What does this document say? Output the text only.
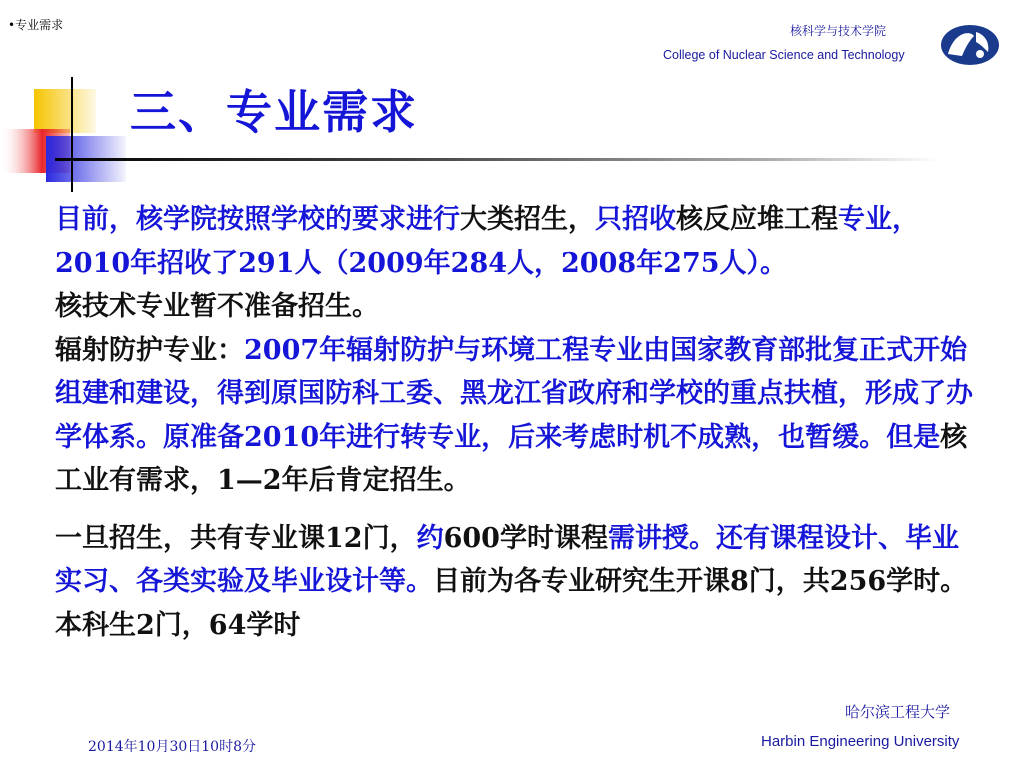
•专业需求	核科学与技术学院
College of Nuclear Science and Technology
三、专业需求

目前，核学院按照学校的要求进行大类招生，只招收核反应堆工程专业，2010年招收了291人（2009年284人，2008年275人）。

核技术专业暂不准备招生。

辐射防护专业：2007年辐射防护与环境工程专业由国家教育部批复正式开始组建和建设，得到原国防科工委、黑龙江省政府和学校的重点扶植，形成了办学体系。原准备2010年进行转专业，后来考虑时机不成熟，也暂缓。但是核工业有需求，1—2年后肯定招生。

一旦招生，共有专业课12门，约600学时课程需讲授。还有课程设计、毕业实习、各类实验及毕业设计等。目前为各专业研究生开课8门，共256学时。本科生2门，64学时

哈尔滨工程大学
2014年10月30日10时8分	Harbin Engineering University
